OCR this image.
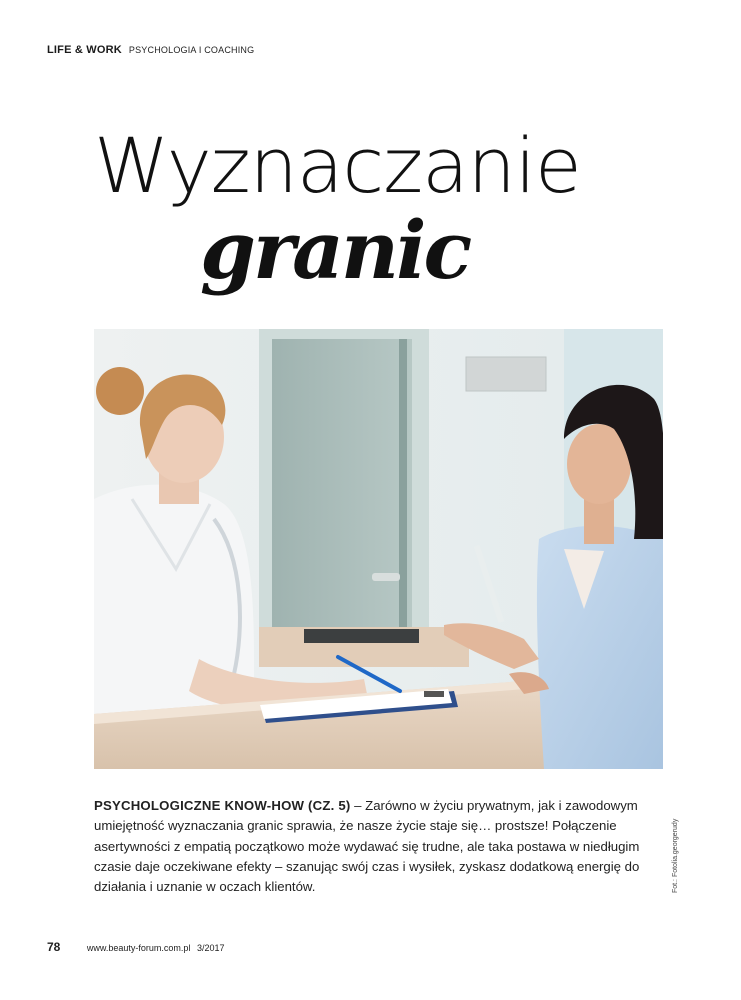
LIFE & WORK PSYCHOLOGIA I COACHING
Wyznaczanie
granic
PSYCHOLOGICZNE KNOW-HOW (CZ. 5) – Zarówno w życiu prywatnym, jak i zawodowym umiejętność wyznaczania granic sprawia, że nasze życie staje się… prostsze! Połączenie asertywności z empatią początkowo może wydawać się trudne, ale taka postawa w niedługim czasie daje oczekiwane efekty – szanując swój czas i wysiłek, zyskasz dodatkową energię do działania i uznanie w oczach klientów.	Fot.: Fotolia.georgerudy
78	www.beauty-forum.com.pl 3/2017
